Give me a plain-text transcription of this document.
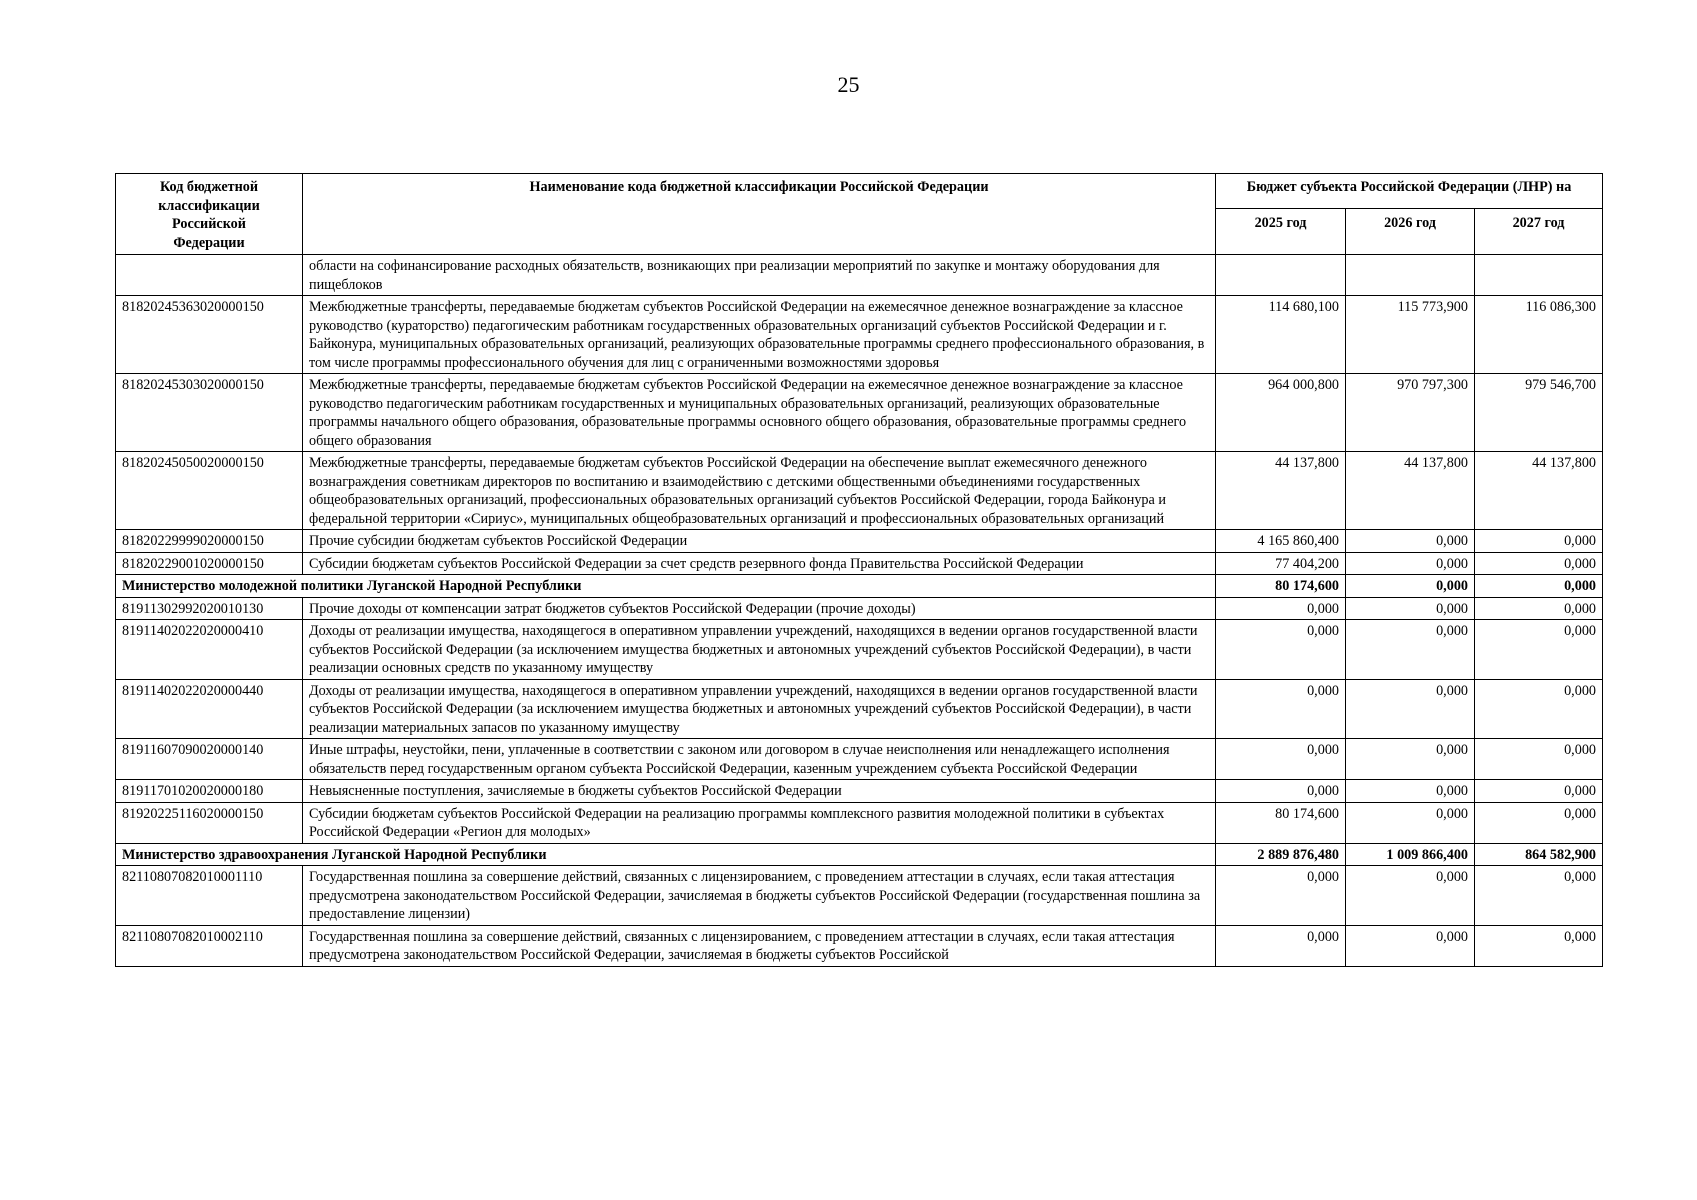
25
Код бюджетной классификации Российской Федерации	Наименование кода бюджетной классификации Российской Федерации	Бюджет субъекта Российской Федерации (ЛНР) на		
		2025 год	2026 год	2027 год
	области на софинансирование расходных обязательств, возникающих при реализации мероприятий по закупке и монтажу оборудования для пищеблоков			
81820245363020000150	Межбюджетные трансферты, передаваемые бюджетам субъектов Российской Федерации на ежемесячное денежное вознаграждение за классное руководство (кураторство) педагогическим работникам государственных образовательных организаций субъектов Российской Федерации и г. Байконура, муниципальных образовательных организаций, реализующих образовательные программы среднего профессионального образования, в том числе программы профессионального обучения для лиц с ограниченными возможностями здоровья	114 680,100	115 773,900	116 086,300
81820245303020000150	Межбюджетные трансферты, передаваемые бюджетам субъектов Российской Федерации на ежемесячное денежное вознаграждение за классное руководство педагогическим работникам государственных и муниципальных образовательных организаций, реализующих образовательные программы начального общего образования, образовательные программы основного общего образования, образовательные программы среднего общего образования	964 000,800	970 797,300	979 546,700
81820245050020000150	Межбюджетные трансферты, передаваемые бюджетам субъектов Российской Федерации на обеспечение выплат ежемесячного денежного вознаграждения советникам директоров по воспитанию и взаимодействию с детскими общественными объединениями государственных общеобразовательных организаций, профессиональных образовательных организаций субъектов Российской Федерации, города Байконура и федеральной территории «Сириус», муниципальных общеобразовательных организаций и профессиональных образовательных организаций	44 137,800	44 137,800	44 137,800
81820229999020000150	Прочие субсидии бюджетам субъектов Российской Федерации	4 165 860,400	0,000	0,000
81820229001020000150	Субсидии бюджетам субъектов Российской Федерации за счет средств резервного фонда Правительства Российской Федерации	77 404,200	0,000	0,000
Министерство молодежной политики Луганской Народной Республики		80 174,600	0,000	0,000
81911302992020010130	Прочие доходы от компенсации затрат бюджетов субъектов Российской Федерации (прочие доходы)	0,000	0,000	0,000
81911402022020000410	Доходы от реализации имущества, находящегося в оперативном управлении учреждений, находящихся в ведении органов государственной власти субъектов Российской Федерации (за исключением имущества бюджетных и автономных учреждений субъектов Российской Федерации), в части реализации основных средств по указанному имуществу	0,000	0,000	0,000
81911402022020000440	Доходы от реализации имущества, находящегося в оперативном управлении учреждений, находящихся в ведении органов государственной власти субъектов Российской Федерации (за исключением имущества бюджетных и автономных учреждений субъектов Российской Федерации), в части реализации материальных запасов по указанному имуществу	0,000	0,000	0,000
81911607090020000140	Иные штрафы, неустойки, пени, уплаченные в соответствии с законом или договором в случае неисполнения или ненадлежащего исполнения обязательств перед государственным органом субъекта Российской Федерации, казенным учреждением субъекта Российской Федерации	0,000	0,000	0,000
81911701020020000180	Невыясненные поступления, зачисляемые в бюджеты субъектов Российской Федерации	0,000	0,000	0,000
81920225116020000150	Субсидии бюджетам субъектов Российской Федерации на реализацию программы комплексного развития молодежной политики в субъектах Российской Федерации «Регион для молодых»	80 174,600	0,000	0,000
Министерство здравоохранения Луганской Народной Республики		2 889 876,480	1 009 866,400	864 582,900
82110807082010001110	Государственная пошлина за совершение действий, связанных с лицензированием, с проведением аттестации в случаях, если такая аттестация предусмотрена законодательством Российской Федерации, зачисляемая в бюджеты субъектов Российской Федерации (государственная пошлина за предоставление лицензии)	0,000	0,000	0,000
82110807082010002110	Государственная пошлина за совершение действий, связанных с лицензированием, с проведением аттестации в случаях, если такая аттестация предусмотрена законодательством Российской Федерации, зачисляемая в бюджеты субъектов Российской	0,000	0,000	0,000
